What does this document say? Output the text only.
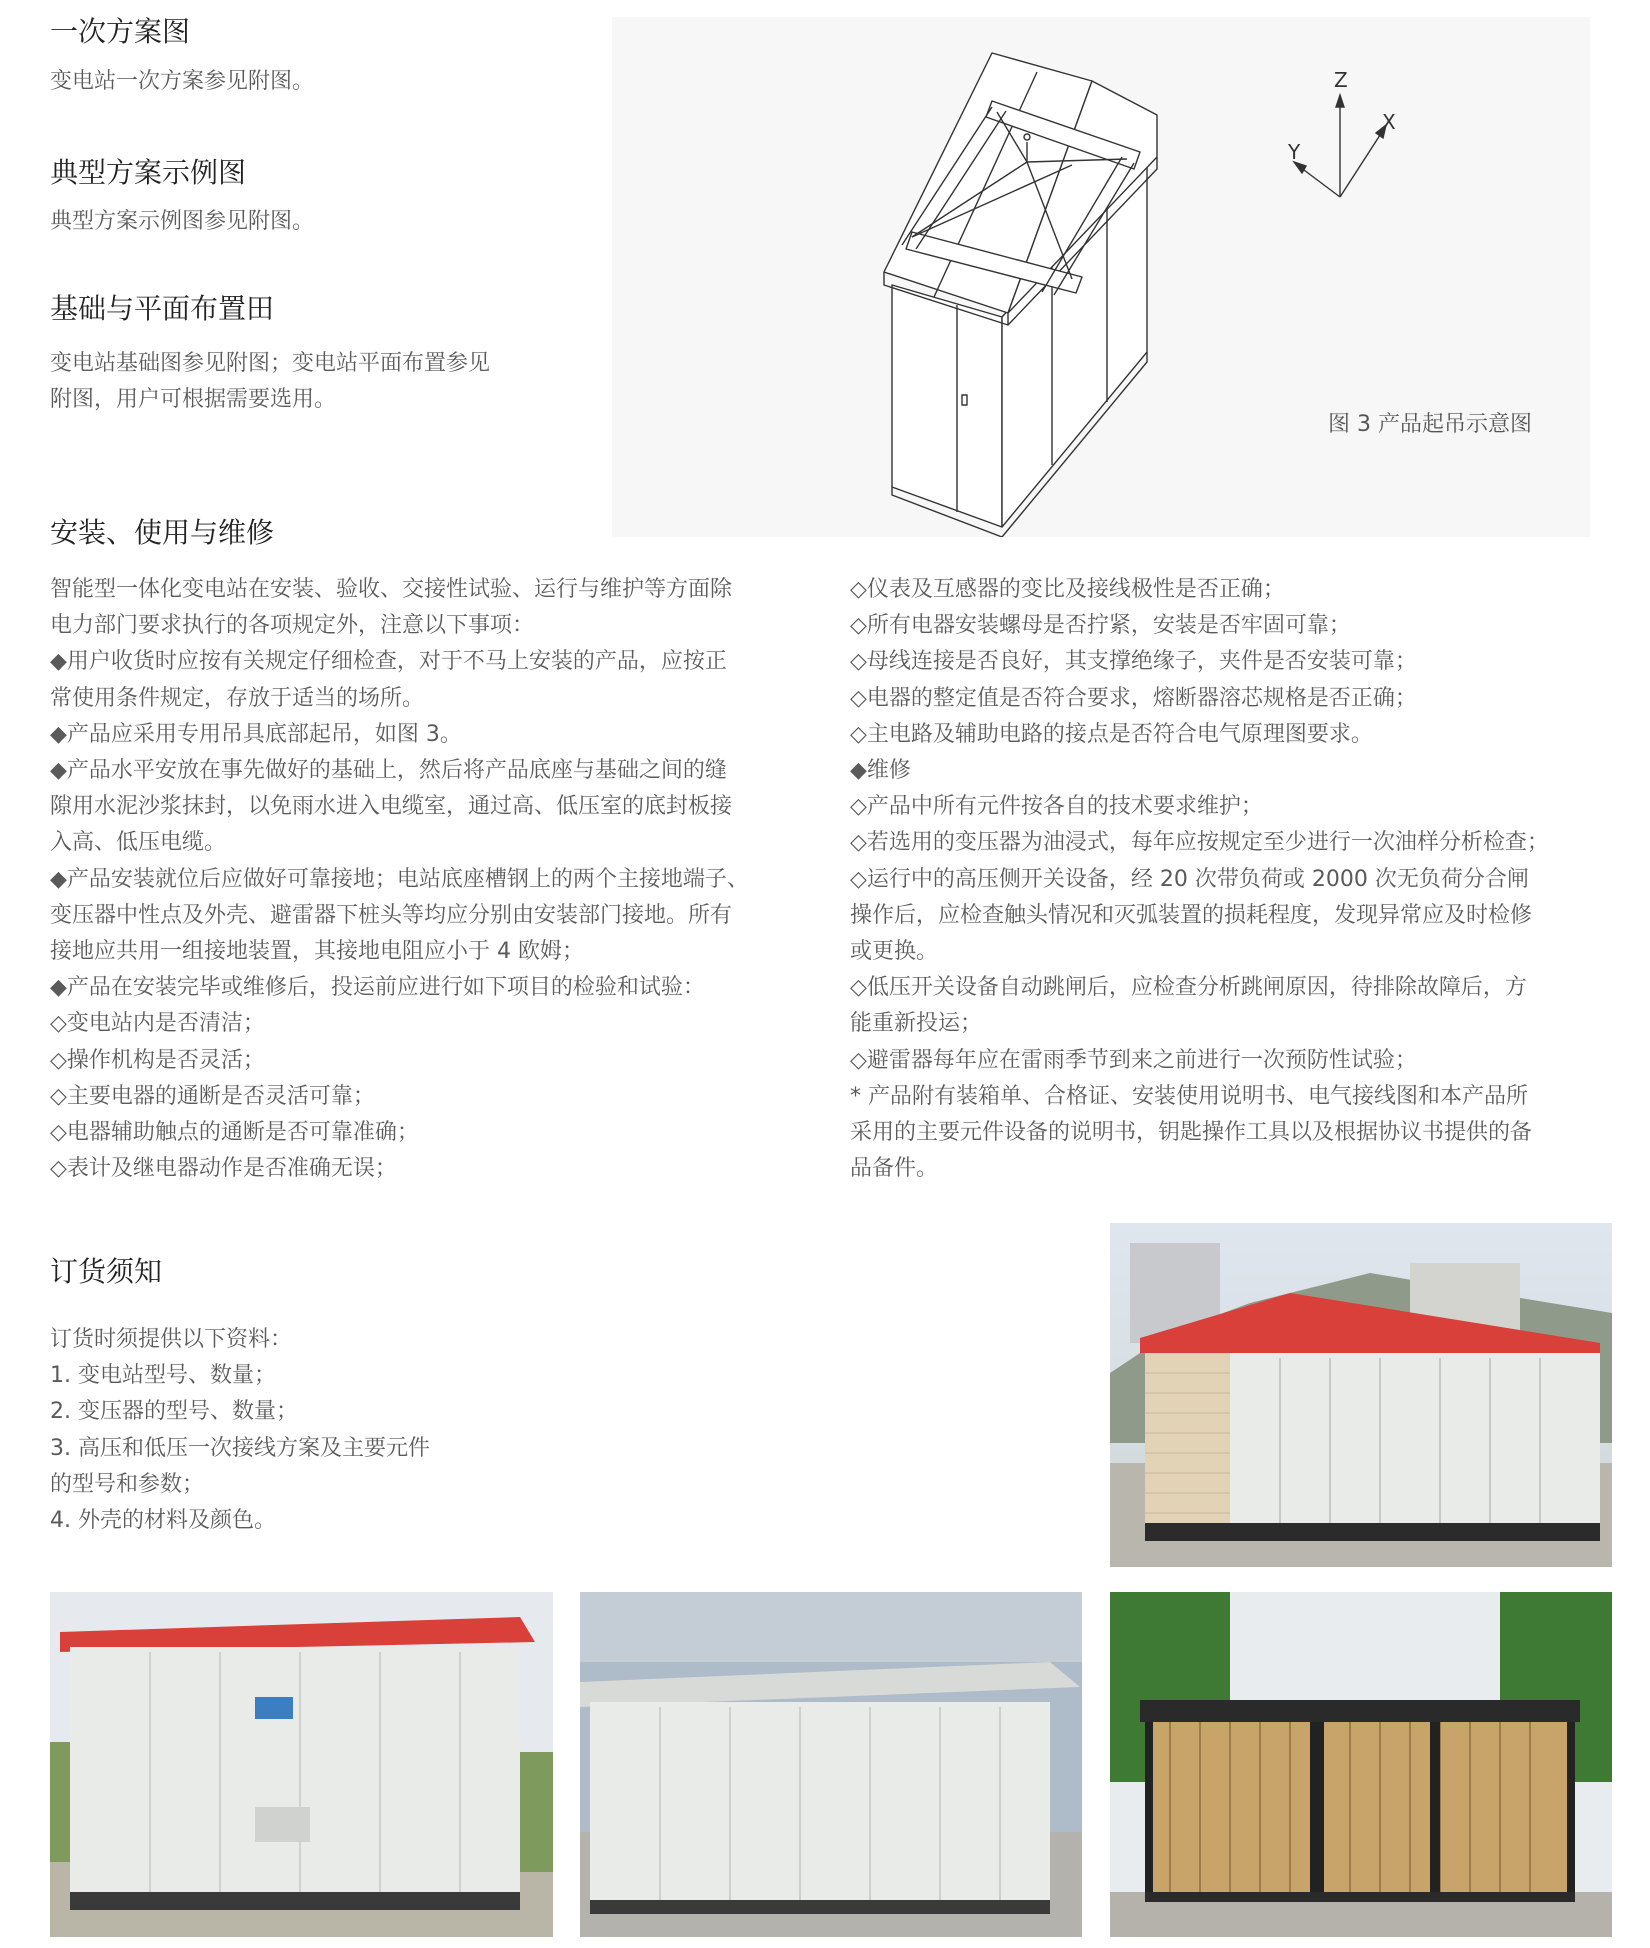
一次方案图
变电站一次方案参见附图。
典型方案示例图
典型方案示例图参见附图。
基础与平面布置田
变电站基础图参见附图；变电站平面布置参见
附图，用户可根据需要选用。
Z
X
Y
图 3 产品起吊示意图
安装、使用与维修
智能型一体化变电站在安装、验收、交接性试验、运行与维护等方面除
电力部门要求执行的各项规定外，注意以下事项：
◆用户收货时应按有关规定仔细检查，对于不马上安装的产品，应按正
常使用条件规定，存放于适当的场所。
◆产品应采用专用吊具底部起吊，如图 3。
◆产品水平安放在事先做好的基础上，然后将产品底座与基础之间的缝
隙用水泥沙浆抹封，以免雨水进入电缆室，通过高、低压室的底封板接
入高、低压电缆。
◆产品安装就位后应做好可靠接地；电站底座槽钢上的两个主接地端子、
变压器中性点及外壳、避雷器下桩头等均应分别由安装部门接地。所有
接地应共用一组接地装置，其接地电阻应小于 4 欧姆；
◆产品在安装完毕或维修后，投运前应进行如下项目的检验和试验：
◇变电站内是否清洁；
◇操作机构是否灵活；
◇主要电器的通断是否灵活可靠；
◇电器辅助触点的通断是否可靠准确；
◇表计及继电器动作是否准确无误；
◇仪表及互感器的变比及接线极性是否正确；
◇所有电器安装螺母是否拧紧，安装是否牢固可靠；
◇母线连接是否良好，其支撑绝缘子，夹件是否安装可靠；
◇电器的整定值是否符合要求，熔断器溶芯规格是否正确；
◇主电路及辅助电路的接点是否符合电气原理图要求。
◆维修
◇产品中所有元件按各自的技术要求维护；
◇若选用的变压器为油浸式，每年应按规定至少进行一次油样分析检查；
◇运行中的高压侧开关设备，经 20 次带负荷或 2000 次无负荷分合闸
操作后，应检查触头情况和灭弧装置的损耗程度，发现异常应及时检修
或更换。
◇低压开关设备自动跳闸后，应检查分析跳闸原因，待排除故障后，方
能重新投运；
◇避雷器每年应在雷雨季节到来之前进行一次预防性试验；
* 产品附有装箱单、合格证、安装使用说明书、电气接线图和本产品所
采用的主要元件设备的说明书，钥匙操作工具以及根据协议书提供的备
品备件。
订货须知
订货时须提供以下资料：
1. 变电站型号、数量；
2. 变压器的型号、数量；
3. 高压和低压一次接线方案及主要元件
的型号和参数；
4. 外壳的材料及颜色。
